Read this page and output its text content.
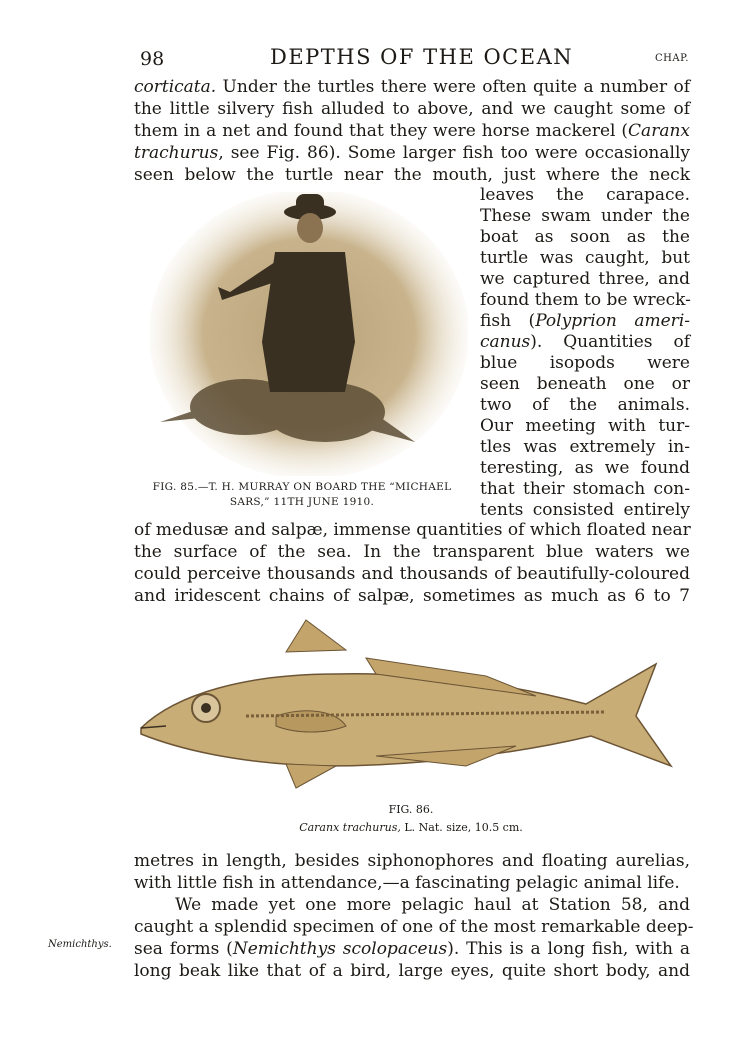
98	DEPTHS OF THE OCEAN	CHAP.
corticata. Under the turtles there were often quite a number of
the little silvery fish alluded to above, and we caught some of
them in a net and found that they were horse mackerel (Caranx
trachurus, see Fig. 86). Some larger fish too were occasionally
seen below the turtle near the mouth, just where the neck
leaves the carapace.
These swam under the
boat as soon as the
turtle was caught, but
we captured three, and
found them to be wreck-
fish (Polyprion ameri-
canus). Quantities of
blue isopods were
seen beneath one or
two of the animals.
Our meeting with tur-
tles was extremely in-
teresting, as we found
that their stomach con-
tents consisted entirely
FIG. 85.—T. H. MURRAY ON BOARD THE “MICHAEL
SARS,” 11TH JUNE 1910.
of medusæ and salpæ, immense quantities of which floated near
the surface of the sea. In the transparent blue waters we
could perceive thousands and thousands of beautifully-coloured
and iridescent chains of salpæ, sometimes as much as 6 to 7
FIG. 86.
Caranx trachurus, L. Nat. size, 10.5 cm.
metres in length, besides siphonophores and floating aurelias,
with little fish in attendance,—a fascinating pelagic animal life.
Nemichthys.
We made yet one more pelagic haul at Station 58, and
caught a splendid specimen of one of the most remarkable deep-
sea forms (Nemichthys scolopaceus). This is a long fish, with a
long beak like that of a bird, large eyes, quite short body, and
